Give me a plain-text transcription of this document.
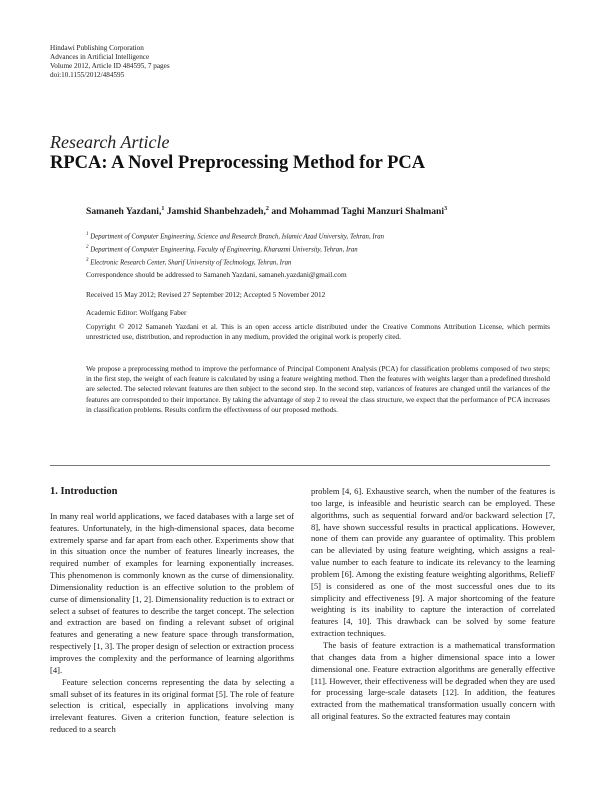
Hindawi Publishing Corporation
Advances in Artificial Intelligence
Volume 2012, Article ID 484595, 7 pages
doi:10.1155/2012/484595
Research Article
RPCA: A Novel Preprocessing Method for PCA
Samaneh Yazdani,$^1$ Jamshid Shanbehzadeh,$^2$ and Mohammad Taghi Manzuri Shalmani$^3$
$^1$ Department of Computer Engineering, Science and Research Branch, Islamic Azad University, Tehran, Iran
$^2$ Department of Computer Engineering, Faculty of Engineering, Kharazmi University, Tehran, Iran
$^3$ Electronic Research Center, Sharif University of Technology, Tehran, Iran
Correspondence should be addressed to Samaneh Yazdani, samaneh.yazdani@gmail.com
Received 15 May 2012; Revised 27 September 2012; Accepted 5 November 2012
Academic Editor: Wolfgang Faber
Copyright © 2012 Samaneh Yazdani et al. This is an open access article distributed under the Creative Commons Attribution License, which permits unrestricted use, distribution, and reproduction in any medium, provided the original work is properly cited.
We propose a preprocessing method to improve the performance of Principal Component Analysis (PCA) for classification problems composed of two steps; in the first step, the weight of each feature is calculated by using a feature weighting method. Then the features with weights larger than a predefined threshold are selected. The selected relevant features are then subject to the second step. In the second step, variances of features are changed until the variances of the features are corresponded to their importance. By taking the advantage of step 2 to reveal the class structure, we expect that the performance of PCA increases in classification problems. Results confirm the effectiveness of our proposed methods.
1. Introduction

In many real world applications, we faced databases with a large set of features. Unfortunately, in the high-dimensional spaces, data become extremely sparse and far apart from each other. Experiments show that in this situation once the number of features linearly increases, the required number of examples for learning exponentially increases. This phenomenon is commonly known as the curse of dimensionality. Dimensionality reduction is an effective solution to the problem of curse of dimensionality [1, 2]. Dimensionality reduction is to extract or select a subset of features to describe the target concept. The selection and extraction are based on finding a relevant subset of original features and generating a new feature space through transformation, respectively [1, 3]. The proper design of selection or extraction process improves the complexity and the performance of learning algorithms [4].

Feature selection concerns representing the data by selecting a small subset of its features in its original format [5]. The role of feature selection is critical, especially in applications involving many irrelevant features. Given a criterion function, feature selection is reduced to a search

problem [4, 6]. Exhaustive search, when the number of the features is too large, is infeasible and heuristic search can be employed. These algorithms, such as sequential forward and/or backward selection [7, 8], have shown successful results in practical applications. However, none of them can provide any guarantee of optimality. This problem can be alleviated by using feature weighting, which assigns a real-value number to each feature to indicate its relevancy to the learning problem [6]. Among the existing feature weighting algorithms, ReliefF [5] is considered as one of the most successful ones due to its simplicity and effectiveness [9]. A major shortcoming of the feature weighting is its inability to capture the interaction of correlated features [4, 10]. This drawback can be solved by some feature extraction techniques.

The basis of feature extraction is a mathematical transformation that changes data from a higher dimensional space into a lower dimensional one. Feature extraction algorithms are generally effective [11]. However, their effectiveness will be degraded when they are used for processing large-scale datasets [12]. In addition, the features extracted from the mathematical transformation usually concern with all original features. So the extracted features may contain
